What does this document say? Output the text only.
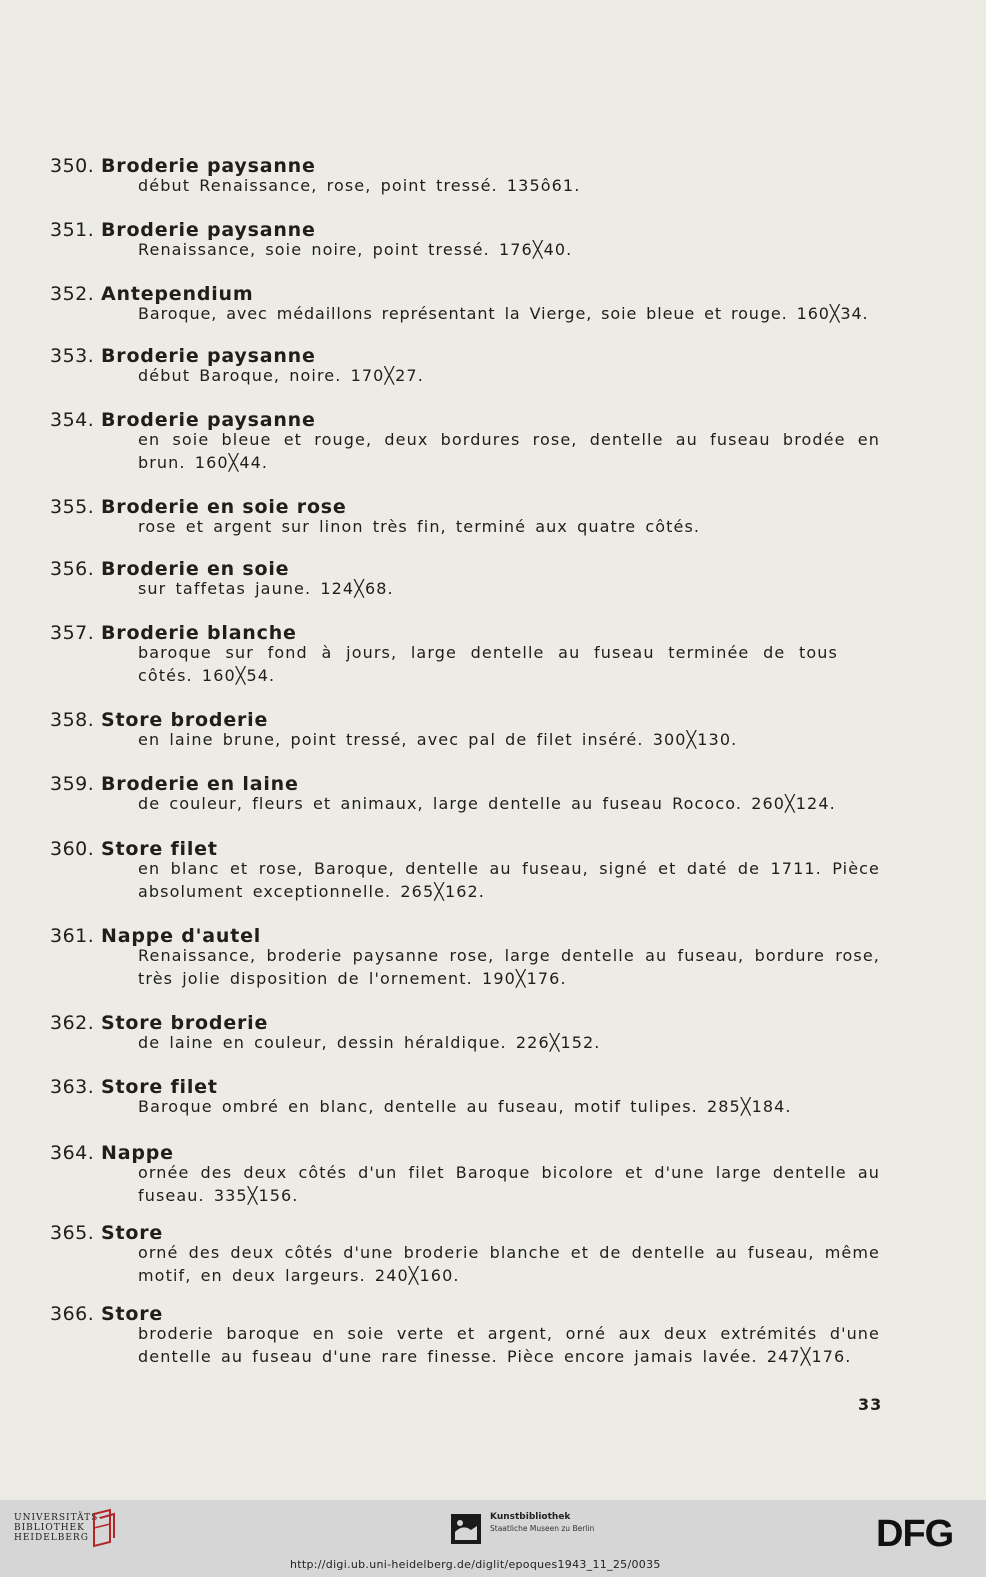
350. Broderie paysanne
début Renaissance, rose, point tressé. 135ô61.
351. Broderie paysanne
Renaissance, soie noire, point tressé. 176╳40.
352. Antependium
Baroque, avec médaillons représentant la Vierge, soie bleue et rouge. 160╳34.
353. Broderie paysanne
début Baroque, noire. 170╳27.
354. Broderie paysanne
en soie bleue et rouge, deux bordures rose, dentelle au fuseau brodée en brun. 160╳44.
355. Broderie en soie rose
rose et argent sur linon très fin, terminé aux quatre côtés.
356. Broderie en soie
sur taffetas jaune. 124╳68.
357. Broderie blanche
baroque sur fond à jours, large dentelle au fuseau terminée de tous côtés. 160╳54.
358. Store broderie
en laine brune, point tressé, avec pal de filet inséré. 300╳130.
359. Broderie en laine
de couleur, fleurs et animaux, large dentelle au fuseau Rococo. 260╳124.
360. Store filet
en blanc et rose, Baroque, dentelle au fuseau, signé et daté de 1711. Pièce absolument exceptionnelle. 265╳162.
361. Nappe d'autel
Renaissance, broderie paysanne rose, large dentelle au fuseau, bordure rose, très jolie disposition de l'ornement. 190╳176.
362. Store broderie
de laine en couleur, dessin héraldique. 226╳152.
363. Store filet
Baroque ombré en blanc, dentelle au fuseau, motif tulipes. 285╳184.
364. Nappe
ornée des deux côtés d'un filet Baroque bicolore et d'une large dentelle au fuseau. 335╳156.
365. Store
orné des deux côtés d'une broderie blanche et de dentelle au fuseau, même motif, en deux largeurs. 240╳160.
366. Store
broderie baroque en soie verte et argent, orné aux deux extrémités d'une dentelle au fuseau d'une rare finesse. Pièce encore jamais lavée. 247╳176.
33
UNIVERSITÄTS-
BIBLIOTHEK
HEIDELBERG
Kunstbibliothek
Staatliche Museen zu Berlin	DFG
http://digi.ub.uni-heidelberg.de/diglit/epoques1943_11_25/0035
